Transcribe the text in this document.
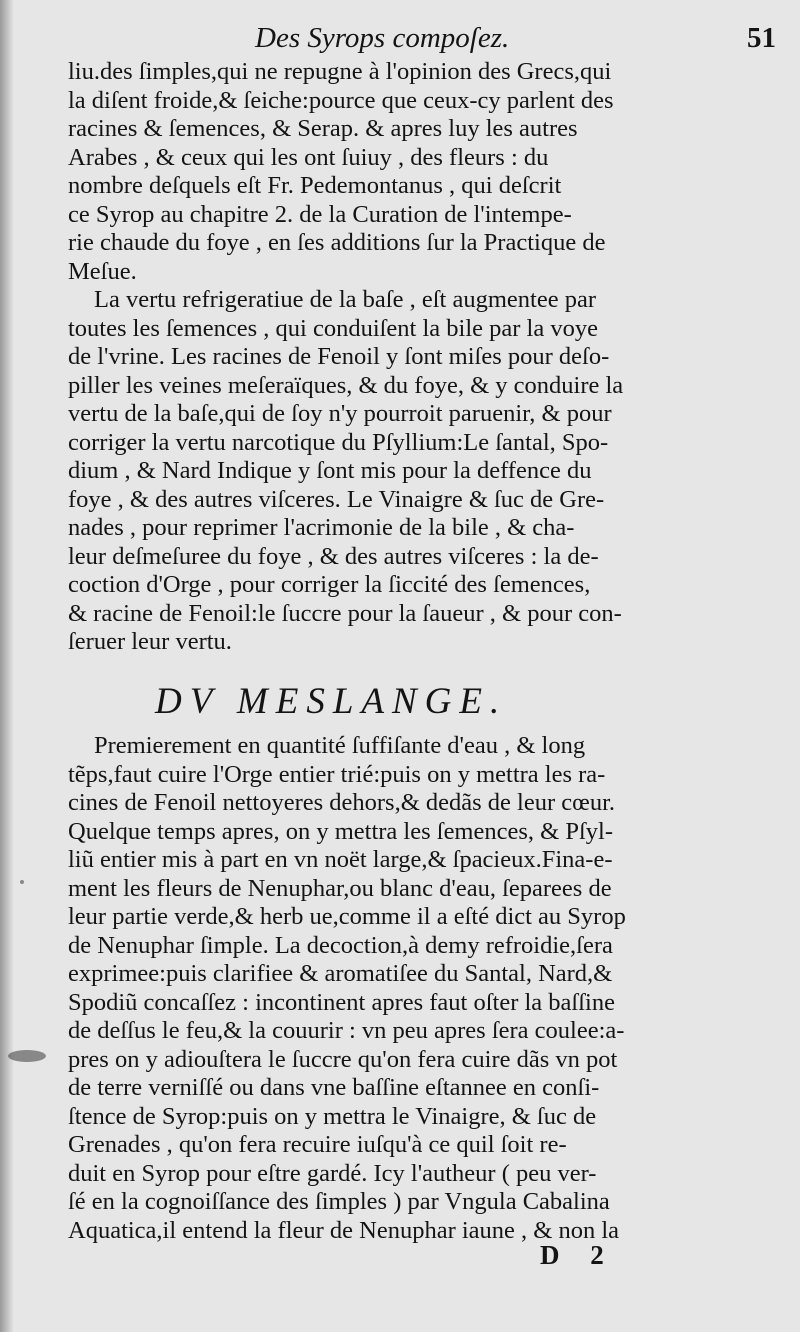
Des Syrops compoſez.	51
liu.des ſimples,qui ne repugne à l'opinion des Grecs,qui
la diſent froide,& ſeiche:pource que ceux-cy parlent des
racines & ſemences, & Serap. & apres luy les autres
Arabes , & ceux qui les ont ſuiuy , des fleurs : du
nombre deſquels eſt Fr. Pedemontanus , qui deſcrit
ce Syrop au chapitre 2. de la Curation de l'intempe-
rie chaude du foye , en ſes additions ſur la Practique de
Meſue.
La vertu refrigeratiue de la baſe , eſt augmentee par
toutes les ſemences , qui conduiſent la bile par la voye
de l'vrine. Les racines de Fenoil y ſont miſes pour deſo-
piller les veines meſeraïques, & du foye, & y conduire la
vertu de la baſe,qui de ſoy n'y pourroit paruenir, & pour
corriger la vertu narcotique du Pſyllium:Le ſantal, Spo-
dium , & Nard Indique y ſont mis pour la deffence du
foye , & des autres viſceres. Le Vinaigre & ſuc de Gre-
nades , pour reprimer l'acrimonie de la bile , & cha-
leur deſmeſuree du foye , & des autres viſceres : la de-
coction d'Orge , pour corriger la ſiccité des ſemences,
& racine de Fenoil:le ſuccre pour la ſaueur , & pour con-
ſeruer leur vertu.
DV MESLANGE.
Premierement en quantité ſuffiſante d'eau , & long
tẽps,faut cuire l'Orge entier trié:puis on y mettra les ra-
cines de Fenoil nettoyeres dehors,& dedãs de leur cœur.
Quelque temps apres, on y mettra les ſemences, & Pſyl-
liũ entier mis à part en vn noët large,& ſpacieux.Fina-e-
ment les fleurs de Nenuphar,ou blanc d'eau, ſeparees de
leur partie verde,& herb ue,comme il a eſté dict au Syrop
de Nenuphar ſimple. La decoction,à demy refroidie,ſera
exprimee:puis clarifiee & aromatiſee du Santal, Nard,&
Spodiũ concaſſez : incontinent apres faut oſter la baſſine
de deſſus le feu,& la couurir : vn peu apres ſera coulee:a-
pres on y adiouſtera le ſuccre qu'on fera cuire dãs vn pot
de terre verniſſé ou dans vne baſſine eſtannee en conſi-
ſtence de Syrop:puis on y mettra le Vinaigre, & ſuc de
Grenades , qu'on fera recuire iuſqu'à ce quil ſoit re-
duit en Syrop pour eſtre gardé. Icy l'autheur ( peu ver-
ſé en la cognoiſſance des ſimples ) par Vngula Cabalina
Aquatica,il entend la fleur de Nenuphar iaune , & non la
D 2
